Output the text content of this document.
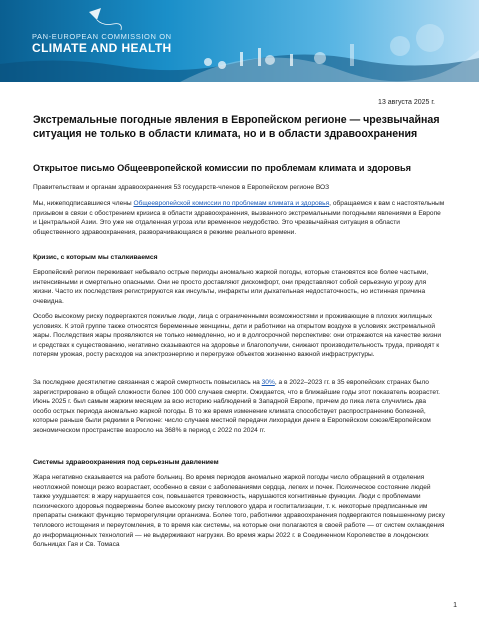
PAN-EUROPEAN COMMISSION ON
CLIMATE AND HEALTH
13 августа 2025 г.
Экстремальные погодные явления в Европейском регионе — чрезвычайная ситуация не только в области климата, но и в области здравоохранения
Открытое письмо Общеевропейской комиссии по проблемам климата и здоровья
Правительствам и органам здравоохранения 53 государств-членов в Европейском регионе ВОЗ
Мы, нижеподписавшиеся члены Общеевропейской комиссии по проблемам климата и здоровья, обращаемся к вам с настоятельным призывом в связи с обострением кризиса в области здравоохранения, вызванного экстремальными погодными явлениями в Европе и Центральной Азии. Это уже не отдаленная угроза или временное неудобство. Это чрезвычайная ситуация в области общественного здравоохранения, разворачивающаяся в режиме реального времени.
Кризис, с которым мы сталкиваемся
Европейский регион переживает небывало острые периоды аномально жаркой погоды, которые становятся все более частыми, интенсивными и смертельно опасными. Они не просто доставляют дискомфорт, они представляют собой серьезную угрозу для жизни. Часто их последствия регистрируются как инсульты, инфаркты или дыхательная недостаточность, но истинная причина очевидна.
Особо высокому риску подвергаются пожилые люди, лица с ограниченными возможностями и проживающие в плохих жилищных условиях. К этой группе также относятся беременные женщины, дети и работники на открытом воздухе в условиях экстремальной жары. Последствия жары проявляются не только немедленно, но и в долгосрочной перспективе: они отражаются на качестве жизни и средствах к существованию, негативно сказываются на здоровье и благополучии, снижают производительность труда, приводят к потерям урожая, росту расходов на электроэнергию и перегрузке объектов жизненно важной инфраструктуры.
За последнее десятилетие связанная с жарой смертность повысилась на 30%, а в 2022–2023 гг. в 35 европейских странах было зарегистрировано в общей сложности более 100 000 случаев смерти. Ожидается, что в ближайшие годы этот показатель возрастет. Июнь 2025 г. был самым жарким месяцем за всю историю наблюдений в Западной Европе, причем до пика лета случились два особо острых периода аномально жаркой погоды. В то же время изменение климата способствует распространению болезней, которые раньше были редкими в Регионе: число случаев местной передачи лихорадки денге в Европейском союзе/Европейском экономическом пространстве возросло на 368% в период с 2022 по 2024 гг.
Системы здравоохранения под серьезным давлением
Жара негативно сказывается на работе больниц. Во время периодов аномально жаркой погоды число обращений в отделения неотложной помощи резко возрастает, особенно в связи с заболеваниями сердца, легких и почек. Психическое состояние людей также ухудшается: в жару нарушается сон, повышается тревожность, нарушаются когнитивные функции. Люди с проблемами психического здоровья подвержены более высокому риску теплового удара и госпитализации, т. к. некоторые предписанные им препараты снижают функцию терморегуляции организма. Более того, работники здравоохранения подвергаются повышенному риску теплового истощения и переутомления, в то время как системы, на которые они полагаются в своей работе — от систем охлаждения до информационных технологий — не выдерживают нагрузки. Во время жары 2022 г. в Соединенном Королевстве в лондонских больницах Гая и Св. Томаса
1
